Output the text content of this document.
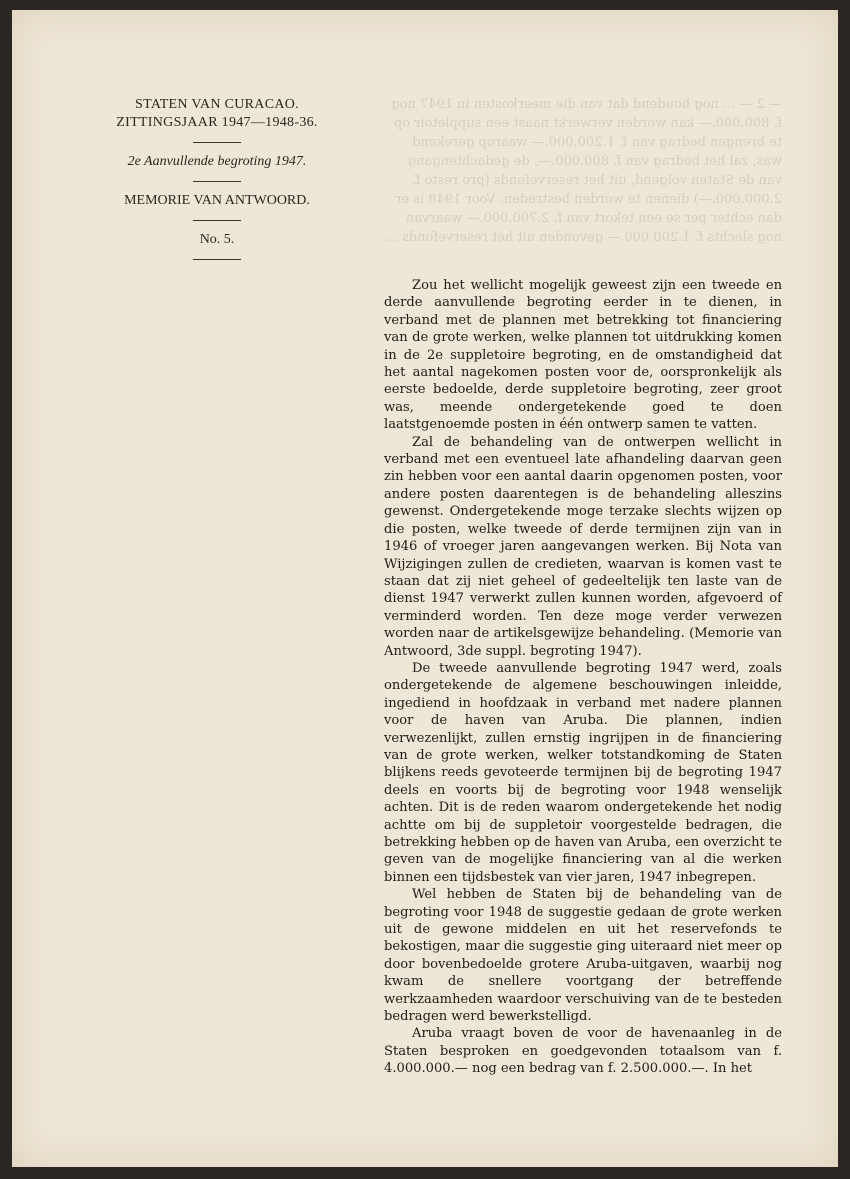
— 2 — ... nog houdend dat van die meerkosten in 1947 nog f. 800.000.— kan worden verwerkt naast een suppletoir op te brengen bedrag van f. 1.200.000.— waarop gerekend was, zal het bedrag van f. 800.000.—, de gedachtengang van de Staten volgend, uit het reservefonds (pro resto f. 2.000.000.—) dienen te worden bestreden. Voor 1948 is er dan echter per se een tekort van f. 2.700.000.— waarvan nog slechts f. 1.200.000.— gevonden uit het reservefonds ...
STATEN VAN CURACAO.
ZITTINGSJAAR 1947—1948-36.
2e Aanvullende begroting 1947.
MEMORIE VAN ANTWOORD.
No. 5.

Zou het wellicht mogelijk geweest zijn een tweede en derde aanvullende begroting eerder in te dienen, in verband met de plannen met betrekking tot financiering van de grote werken, welke plannen tot uitdrukking komen in de 2e suppletoire begroting, en de omstandigheid dat het aantal nagekomen posten voor de, oorspronkelijk als eerste bedoelde, derde suppletoire begroting, zeer groot was, meende ondergetekende goed te doen laatstgenoemde posten in één ontwerp samen te vatten.

Zal de behandeling van de ontwerpen wellicht in verband met een eventueel late afhandeling daarvan geen zin hebben voor een aantal daarin opgenomen posten, voor andere posten daarentegen is de behandeling alleszins gewenst. Ondergetekende moge terzake slechts wijzen op die posten, welke tweede of derde termijnen zijn van in 1946 of vroeger jaren aangevangen werken. Bij Nota van Wijzigingen zullen de credieten, waarvan is komen vast te staan dat zij niet geheel of gedeeltelijk ten laste van de dienst 1947 verwerkt zullen kunnen worden, afgevoerd of verminderd worden. Ten deze moge verder verwezen worden naar de artikelsgewijze behandeling. (Memorie van Antwoord, 3de suppl. begroting 1947).

De tweede aanvullende begroting 1947 werd, zoals ondergetekende de algemene beschouwingen inleidde, ingediend in hoofdzaak in verband met nadere plannen voor de haven van Aruba. Die plannen, indien verwezenlijkt, zullen ernstig ingrijpen in de financiering van de grote werken, welker totstandkoming de Staten blijkens reeds gevoteerde termijnen bij de begroting 1947 deels en voorts bij de begroting voor 1948 wenselijk achten. Dit is de reden waarom ondergetekende het nodig achtte om bij de suppletoir voorgestelde bedragen, die betrekking hebben op de haven van Aruba, een overzicht te geven van de mogelijke financiering van al die werken binnen een tijdsbestek van vier jaren, 1947 inbegrepen.

Wel hebben de Staten bij de behandeling van de begroting voor 1948 de suggestie gedaan de grote werken uit de gewone middelen en uit het reservefonds te bekostigen, maar die suggestie ging uiteraard niet meer op door bovenbedoelde grotere Aruba-uitgaven, waarbij nog kwam de snellere voortgang der betreffende werkzaamheden waardoor verschuiving van de te besteden bedragen werd bewerkstelligd.

Aruba vraagt boven de voor de havenaanleg in de Staten besproken en goedgevonden totaalsom van f. 4.000.000.— nog een bedrag van f. 2.500.000.—. In het
